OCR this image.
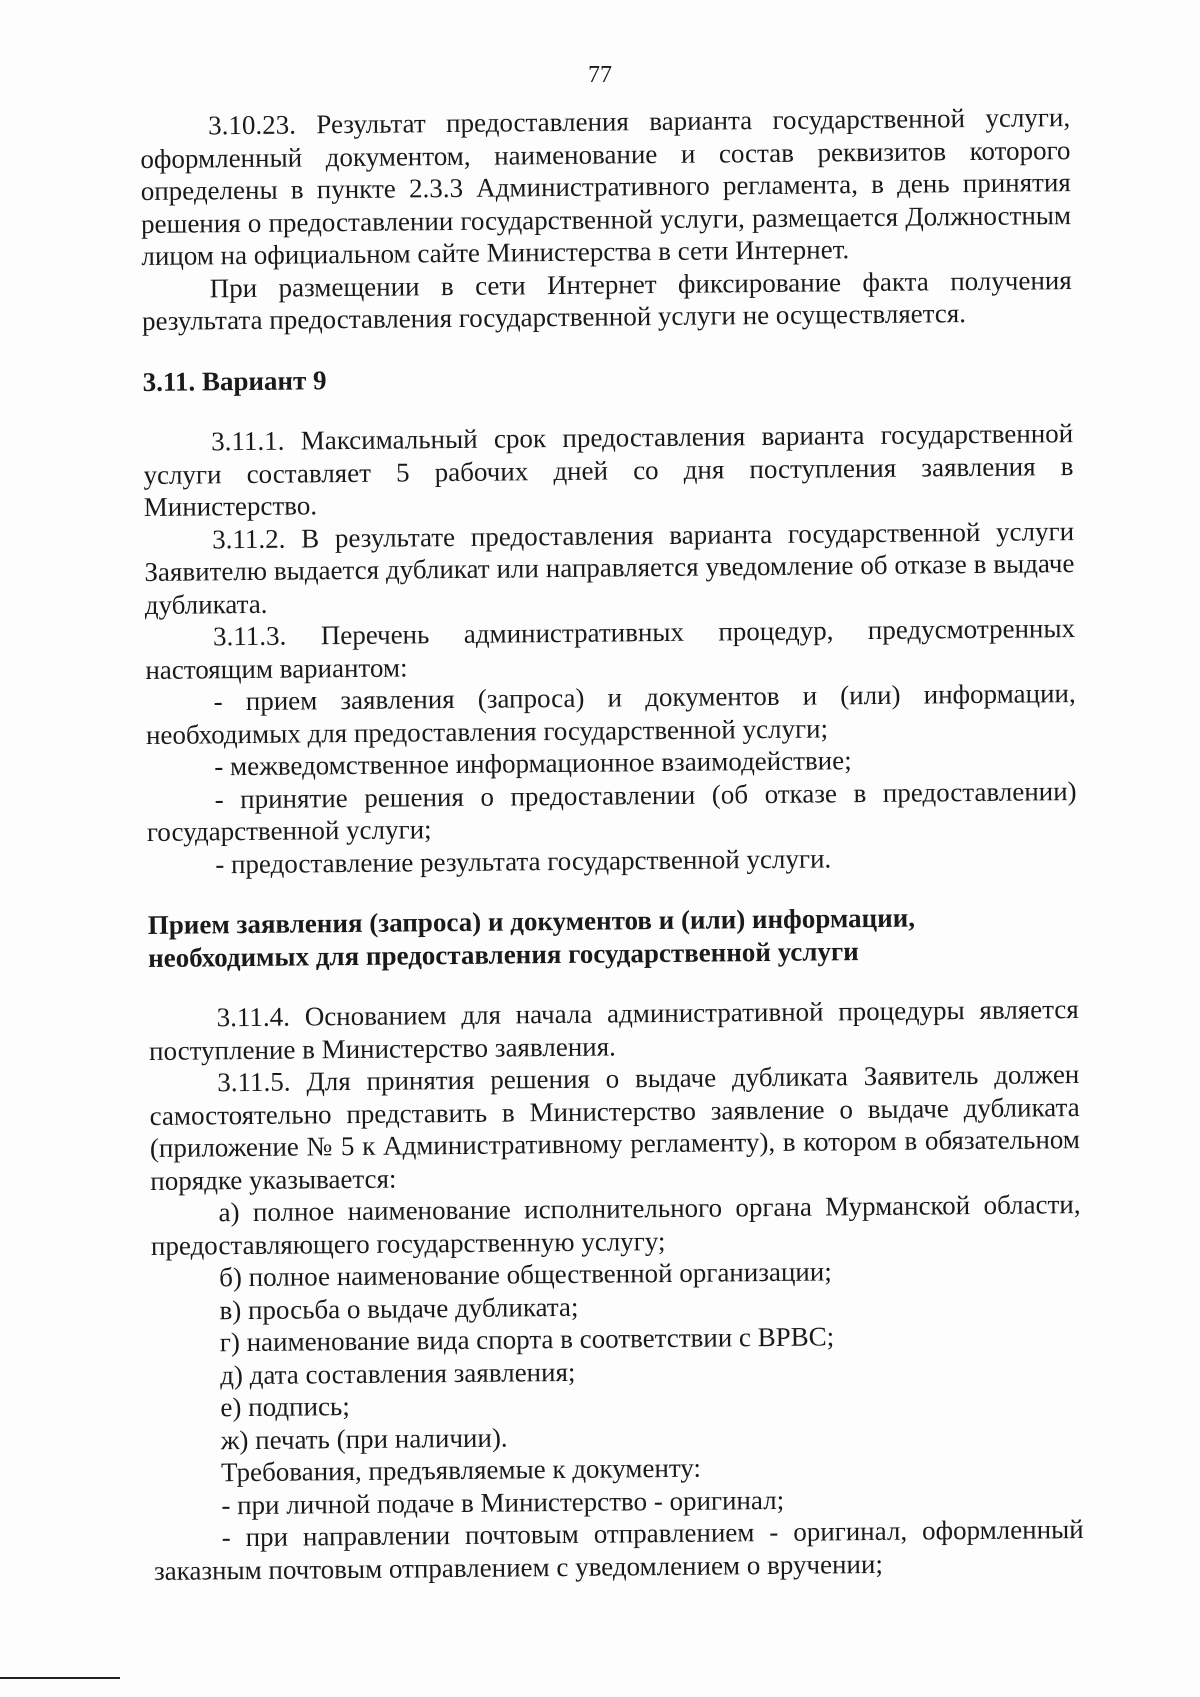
77

3.10.23. Результат предоставления варианта государственной услуги, оформленный документом, наименование и состав реквизитов которого определены в пункте 2.3.3 Административного регламента, в день принятия решения о предоставлении государственной услуги, размещается Должностным лицом на официальном сайте Министерства в сети Интернет.

При размещении в сети Интернет фиксирование факта получения результата предоставления государственной услуги не осуществляется.

3.11. Вариант 9

3.11.1. Максимальный срок предоставления варианта государственной услуги составляет 5 рабочих дней со дня поступления заявления в Министерство.

3.11.2. В результате предоставления варианта государственной услуги Заявителю выдается дубликат или направляется уведомление об отказе в выдаче дубликата.

3.11.3. Перечень административных процедур, предусмотренных настоящим вариантом:

- прием заявления (запроса) и документов и (или) информации, необходимых для предоставления государственной услуги;

- межведомственное информационное взаимодействие;

- принятие решения о предоставлении (об отказе в предоставлении) государственной услуги;

- предоставление результата государственной услуги.

Прием заявления (запроса) и документов и (или) информации,

необходимых для предоставления государственной услуги

3.11.4. Основанием для начала административной процедуры является поступление в Министерство заявления.

3.11.5. Для принятия решения о выдаче дубликата Заявитель должен самостоятельно представить в Министерство заявление о выдаче дубликата (приложение № 5 к Административному регламенту), в котором в обязательном порядке указывается:

а) полное наименование исполнительного органа Мурманской области, предоставляющего государственную услугу;

б) полное наименование общественной организации;

в) просьба о выдаче дубликата;

г) наименование вида спорта в соответствии с ВРВС;

д) дата составления заявления;

е) подпись;

ж) печать (при наличии).

Требования, предъявляемые к документу:

- при личной подаче в Министерство - оригинал;

- при направлении почтовым отправлением - оригинал, оформленный заказным почтовым отправлением с уведомлением о вручении;
